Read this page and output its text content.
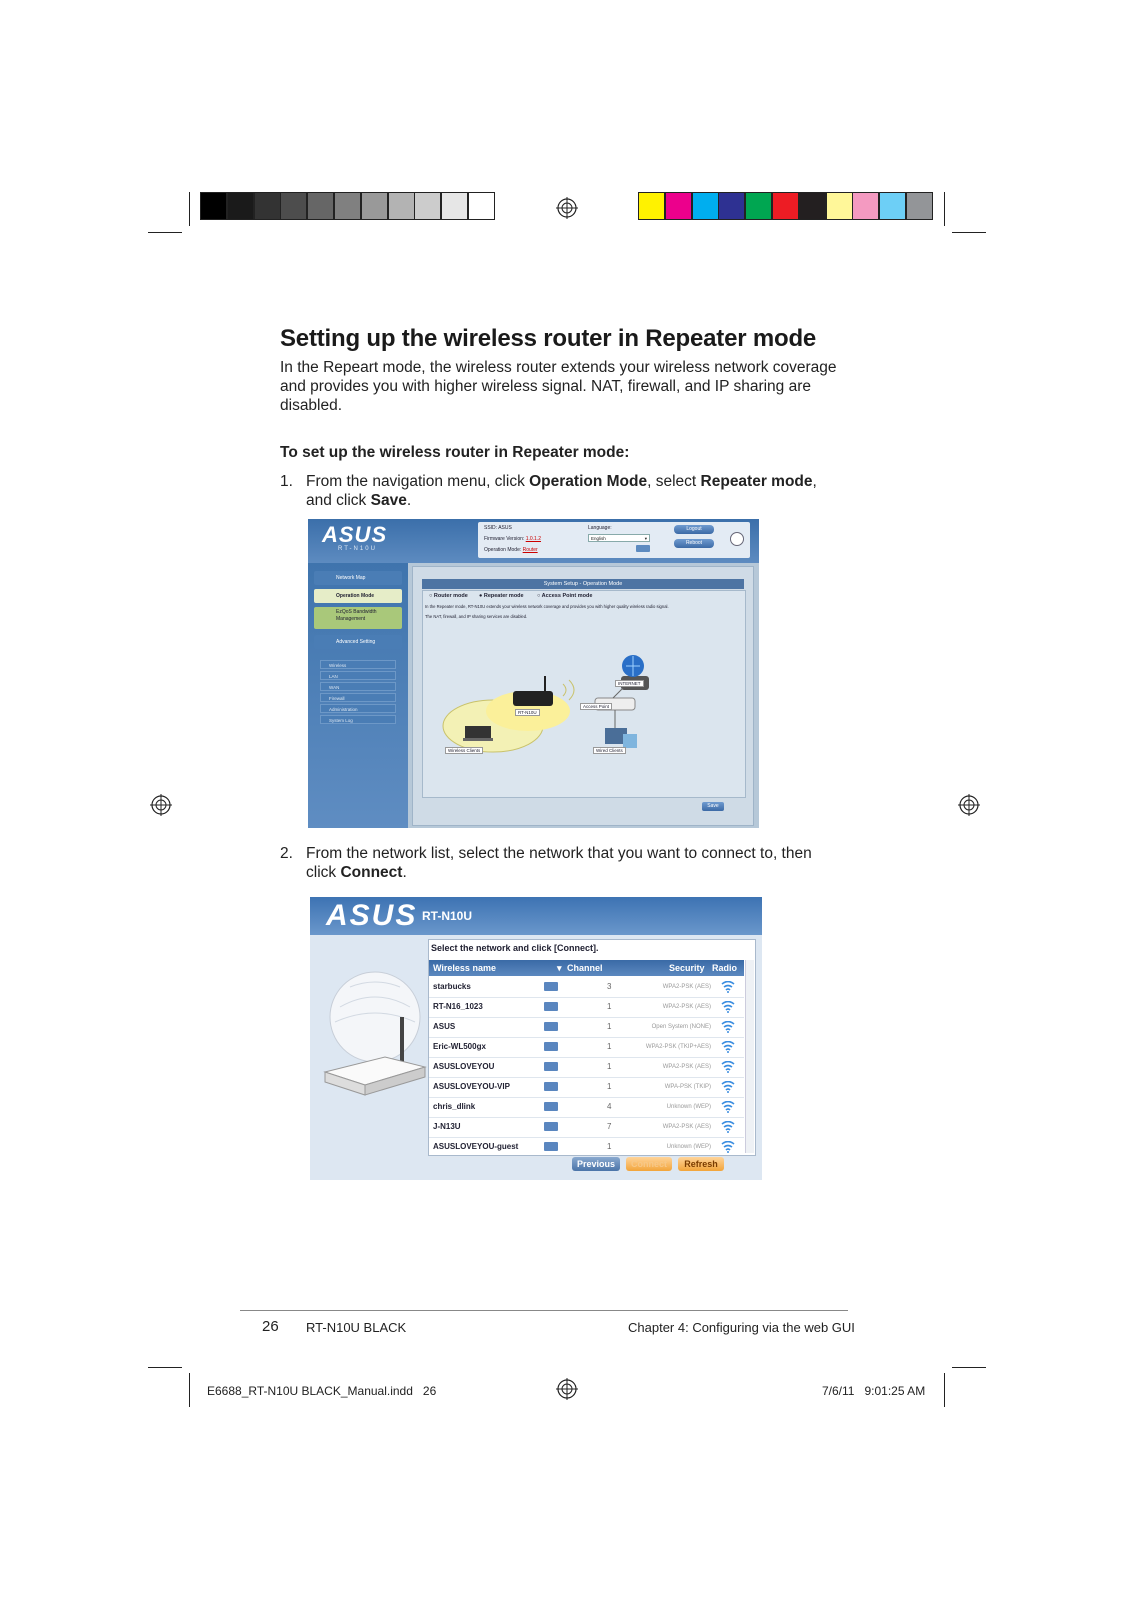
Setting up the wireless router in Repeater mode
In the Repeart mode, the wireless router extends your wireless network coverage and provides you with higher wireless signal. NAT, firewall, and IP sharing are disabled.
To set up the wireless router in Repeater mode:
1. From the navigation menu, click Operation Mode, select Repeater mode, and click Save.
2. From the network list, select the network that you want to connect to, then click Connect.
ASUS
RT-N10U
SSID: ASUS
Firmware Version: 1.0.1.2
Operation Mode: Router
Language:
English	▾
Logout
Reboot
Network Map
Operation Mode
EzQoS Bandwidth Management
Advanced Setting
Wireless
LAN
WAN
Firewall
Administration
System Log
System Setup - Operation Mode
○ Router mode ● Repeater mode ○ Access Point mode
In the Repeater mode, RT-N10U extends your wireless network coverage and provides you with higher quality wireless radio signal.
The NAT, firewall, and IP sharing services are disabled.
INTERNET
RT-N10U
Access Point
Wireless Clients	Wired Clients
Save
ASUS RT-N10U
Select the network and click [Connect].
Wireless name	▾ Channel	Security Radio
starbucks	3	WPA2-PSK (AES)
RT-N16_1023	1	WPA2-PSK (AES)
ASUS	1	Open System (NONE)
Eric-WL500gx	1	WPA2-PSK (TKIP+AES)
ASUSLOVEYOU	1	WPA2-PSK (AES)
ASUSLOVEYOU-VIP	1	WPA-PSK (TKIP)
chris_dlink	4	Unknown (WEP)
J-N13U	7	WPA2-PSK (AES)
ASUSLOVEYOU-guest	1	Unknown (WEP)
Previous	Connect	Refresh
26 RT-N10U BLACK	Chapter 4: Configuring via the web GUI
E6688_RT-N10U BLACK_Manual.indd   26	7/6/11   9:01:25 AM
